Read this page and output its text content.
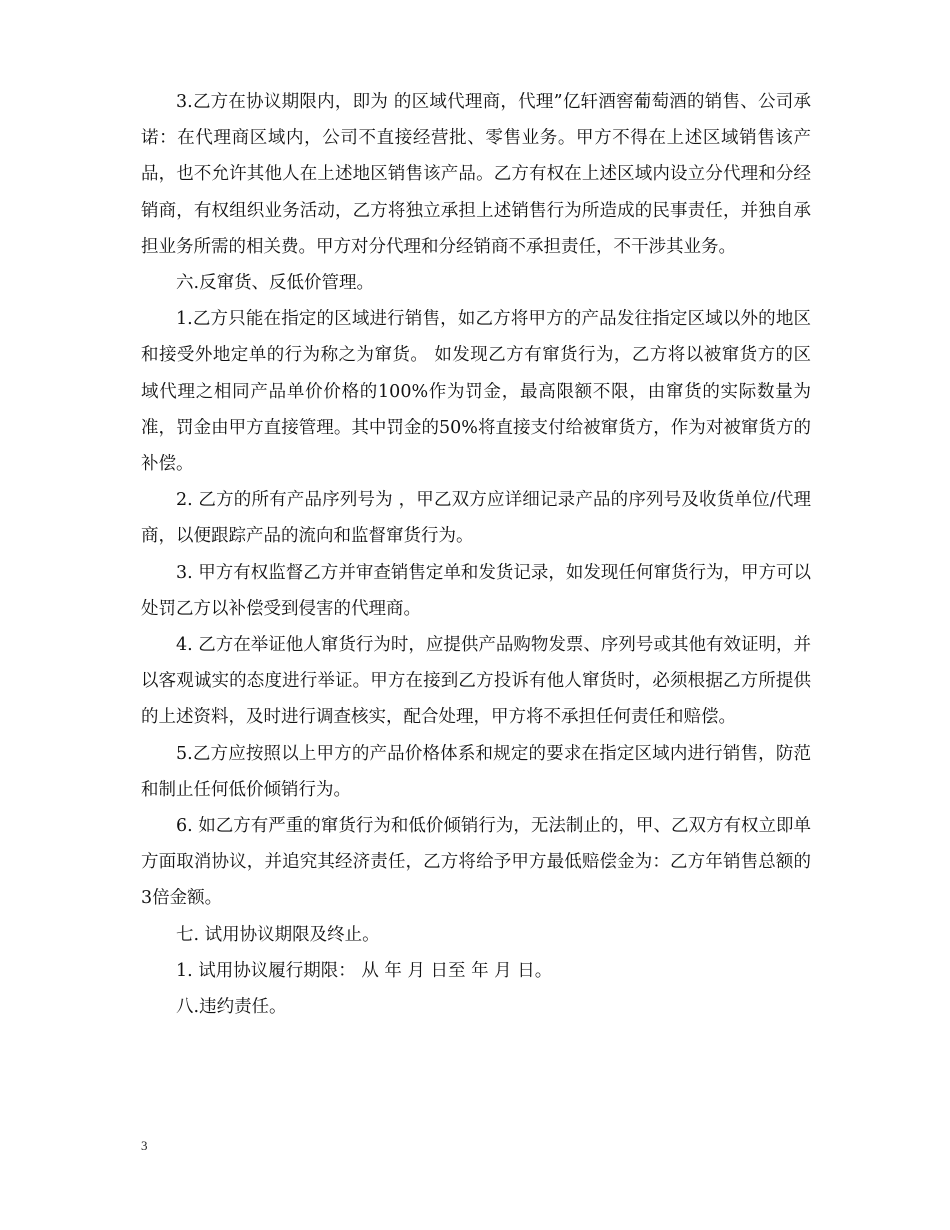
3.乙方在协议期限内，即为 的区域代理商，代理”亿轩酒窖葡萄酒的销售、公司承诺：在代理商区域内，公司不直接经营批、零售业务。甲方不得在上述区域销售该产品，也不允许其他人在上述地区销售该产品。乙方有权在上述区域内设立分代理和分经销商，有权组织业务活动，乙方将独立承担上述销售行为所造成的民事责任，并独自承担业务所需的相关费。甲方对分代理和分经销商不承担责任，不干涉其业务。

六.反窜货、反低价管理。

1.乙方只能在指定的区域进行销售，如乙方将甲方的产品发往指定区域以外的地区和接受外地定单的行为称之为窜货。 如发现乙方有窜货行为，乙方将以被窜货方的区域代理之相同产品单价价格的100%作为罚金，最高限额不限，由窜货的实际数量为准，罚金由甲方直接管理。其中罚金的50%将直接支付给被窜货方，作为对被窜货方的补偿。

2. 乙方的所有产品序列号为 ，甲乙双方应详细记录产品的序列号及收货单位/代理商，以便跟踪产品的流向和监督窜货行为。

3. 甲方有权监督乙方并审查销售定单和发货记录，如发现任何窜货行为，甲方可以处罚乙方以补偿受到侵害的代理商。

4. 乙方在举证他人窜货行为时，应提供产品购物发票、序列号或其他有效证明，并以客观诚实的态度进行举证。甲方在接到乙方投诉有他人窜货时，必须根据乙方所提供的上述资料，及时进行调查核实，配合处理，甲方将不承担任何责任和赔偿。

5.乙方应按照以上甲方的产品价格体系和规定的要求在指定区域内进行销售，防范和制止任何低价倾销行为。

6. 如乙方有严重的窜货行为和低价倾销行为，无法制止的，甲、乙双方有权立即单方面取消协议，并追究其经济责任，乙方将给予甲方最低赔偿金为：乙方年销售总额的3倍金额。

七. 试用协议期限及终止。

1. 试用协议履行期限： 从 年 月 日至 年 月 日。

八.违约责任。

3
